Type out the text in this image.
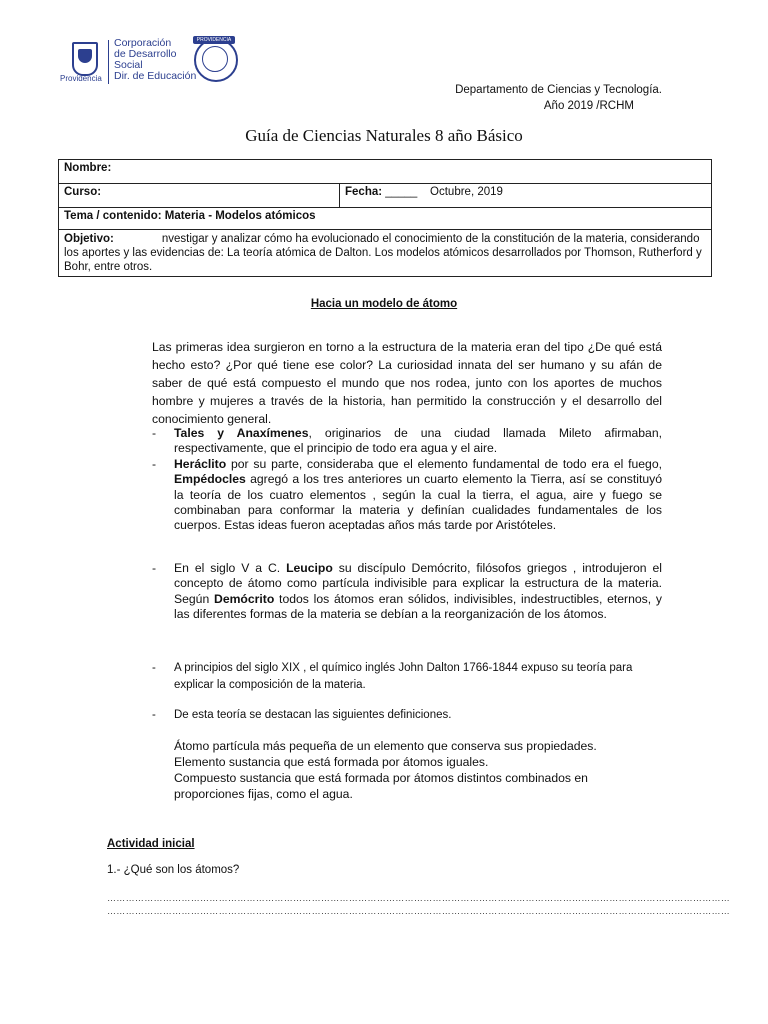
Providencia
Corporación
de Desarrollo
Social
Dir. de Educación
PROVIDENCIA
Departamento de Ciencias y Tecnología.
Año 2019 /RCHM
Guía de Ciencias Naturales 8 año Básico
Nombre:
Curso:	Fecha: _____ Octubre, 2019
Tema / contenido: Materia - Modelos atómicos
Objetivo:	nvestigar y analizar cómo ha evolucionado el conocimiento de la constitución de la materia, considerando los aportes y las evidencias de: La teoría atómica de Dalton. Los modelos atómicos desarrollados por Thomson, Rutherford y Bohr, entre otros.
Hacia un modelo de átomo
Las primeras idea surgieron en torno a la estructura de la materia eran del tipo ¿De qué está hecho esto? ¿Por qué tiene ese color? La curiosidad innata del ser humano y su afán de saber de qué está compuesto el mundo que nos rodea, junto con los aportes de muchos hombre y mujeres a través de la historia, han permitido la construcción y el desarrollo del conocimiento general.
- Tales y Anaxímenes, originarios de una ciudad llamada Mileto afirmaban, respectivamente, que el principio de todo era agua y el aire.
- Heráclito por su parte, consideraba que el elemento fundamental de todo era el fuego, Empédocles agregó a los tres anteriores un cuarto elemento la Tierra, así se constituyó la teoría de los cuatro elementos , según la cual la tierra, el agua, aire y fuego se combinaban para conformar la materia y definían cualidades fundamentales de los cuerpos. Estas ideas fueron aceptadas años más tarde por Aristóteles.
- En el siglo V a C. Leucipo su discípulo Demócrito, filósofos griegos , introdujeron el concepto de átomo como partícula indivisible para explicar la estructura de la materia. Según Demócrito todos los átomos eran sólidos, indivisibles, indestructibles, eternos, y las diferentes formas de la materia se debían a la reorganización de los átomos.
- A principios del siglo XIX , el químico inglés John Dalton 1766-1844 expuso su teoría para explicar la composición de la materia.
- De esta teoría se destacan las siguientes definiciones.
Átomo partícula más pequeña de un elemento que conserva sus propiedades.
Elemento sustancia que está formada por átomos iguales.
Compuesto sustancia que está formada por átomos distintos combinados en proporciones fijas, como el agua.
Actividad inicial
1.- ¿Qué son los átomos?
…………………………………………………………………………………………………………………………………………………………………………………
…………………………………………………………………………………………………………………………………………………………………………………
